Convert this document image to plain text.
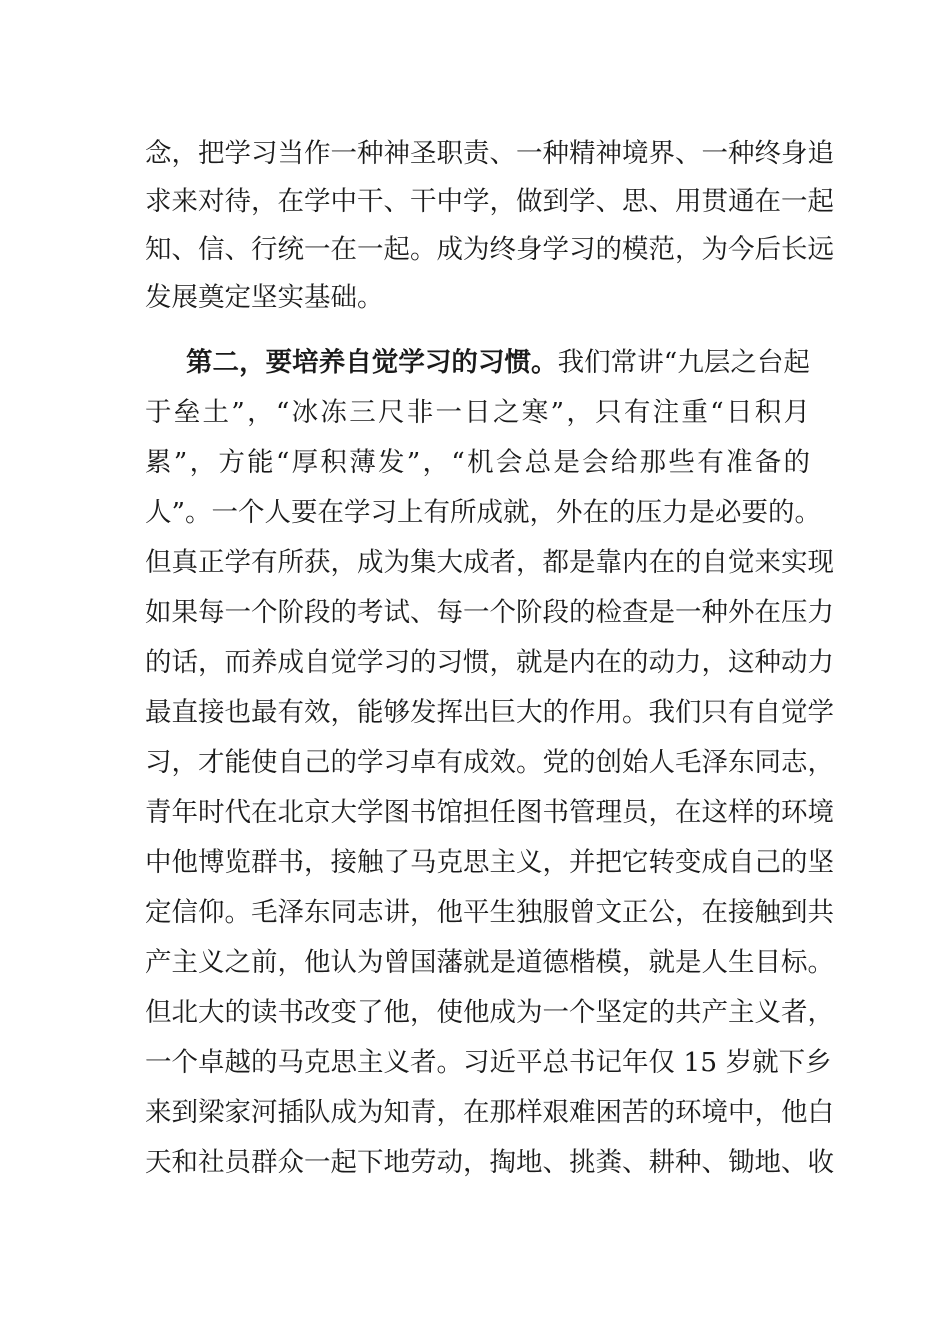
念，把学习当作一种神圣职责、一种精神境界、一种终身追
求来对待，在学中干、干中学，做到学、思、用贯通在一起
知、信、行统一在一起。成为终身学习的模范，为今后长远
发展奠定坚实基础。
第二，要培养自觉学习的习惯。我们常讲“九层之台起
于垒土”，“冰冻三尺非一日之寒”，只有注重“日积月
累”，方能“厚积薄发”，“机会总是会给那些有准备的
人”。一个人要在学习上有所成就，外在的压力是必要的。
但真正学有所获，成为集大成者，都是靠内在的自觉来实现
如果每一个阶段的考试、每一个阶段的检查是一种外在压力
的话，而养成自觉学习的习惯，就是内在的动力，这种动力
最直接也最有效，能够发挥出巨大的作用。我们只有自觉学
习，才能使自己的学习卓有成效。党的创始人毛泽东同志，
青年时代在北京大学图书馆担任图书管理员，在这样的环境
中他博览群书，接触了马克思主义，并把它转变成自己的坚
定信仰。毛泽东同志讲，他平生独服曾文正公，在接触到共
产主义之前，他认为曾国藩就是道德楷模，就是人生目标。
但北大的读书改变了他，使他成为一个坚定的共产主义者，
一个卓越的马克思主义者。习近平总书记年仅 15 岁就下乡
来到梁家河插队成为知青，在那样艰难困苦的环境中，他白
天和社员群众一起下地劳动，掏地、挑粪、耕种、锄地、收
